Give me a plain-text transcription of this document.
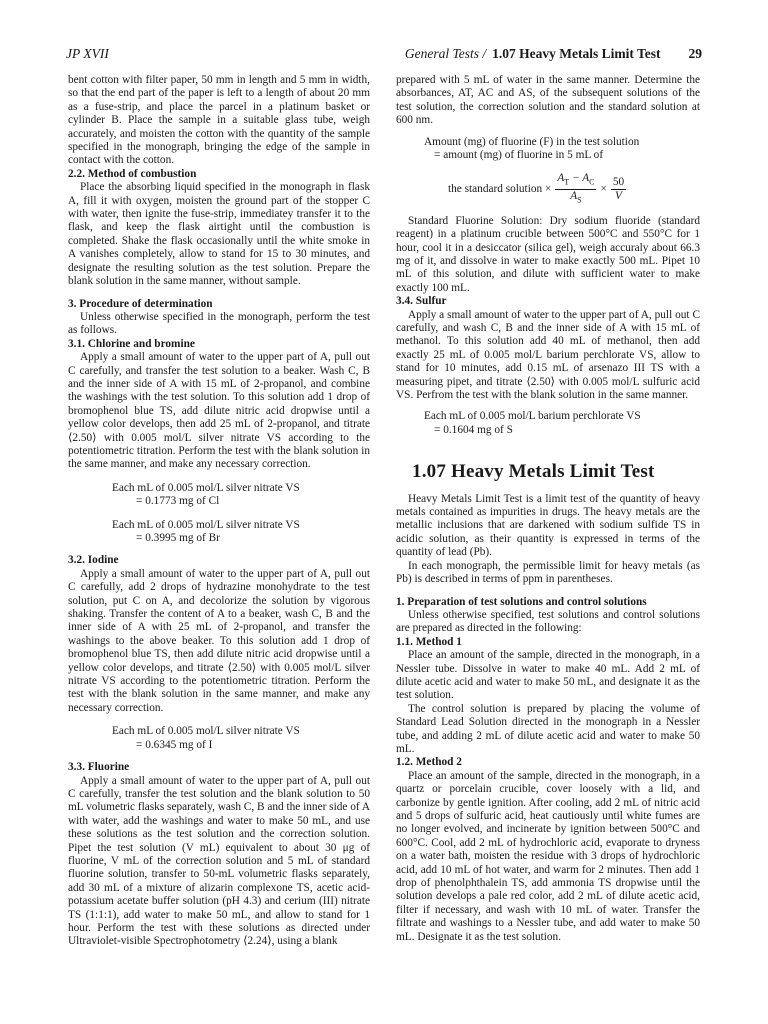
JP XVII	General Tests / 1.07 Heavy Metals Limit Test 29

bent cotton with filter paper, 50 mm in length and 5 mm in width, so that the end part of the paper is left to a length of about 20 mm as a fuse-strip, and place the parcel in a platinum basket or cylinder B. Place the sample in a suitable glass tube, weigh accurately, and moisten the cotton with the quantity of the sample specified in the monograph, bringing the edge of the sample in contact with the cotton.

2.2. Method of combustion

Place the absorbing liquid specified in the monograph in flask A, fill it with oxygen, moisten the ground part of the stopper C with water, then ignite the fuse-strip, immediatey transfer it to the flask, and keep the flask airtight until the combustion is completed. Shake the flask occasionally until the white smoke in A vanishes completely, allow to stand for 15 to 30 minutes, and designate the resulting solution as the test solution. Prepare the blank solution in the same manner, without sample.

3. Procedure of determination

Unless otherwise specified in the monograph, perform the test as follows.

3.1. Chlorine and bromine

Apply a small amount of water to the upper part of A, pull out C carefully, and transfer the test solution to a beaker. Wash C, B and the inner side of A with 15 mL of 2-propanol, and combine the washings with the test solution. To this solution add 1 drop of bromophenol blue TS, add dilute nitric acid dropwise until a yellow color develops, then add 25 mL of 2-propanol, and titrate ⟨2.50⟩ with 0.005 mol/L silver nitrate VS according to the potentiometric titration. Perform the test with the blank solution in the same manner, and make any necessary correction.

Each mL of 0.005 mol/L silver nitrate VS
= 0.1773 mg of Cl
Each mL of 0.005 mol/L silver nitrate VS
= 0.3995 mg of Br

3.2. Iodine

Apply a small amount of water to the upper part of A, pull out C carefully, add 2 drops of hydrazine monohydrate to the test solution, put C on A, and decolorize the solution by vigorous shaking. Transfer the content of A to a beaker, wash C, B and the inner side of A with 25 mL of 2-propanol, and transfer the washings to the above beaker. To this solution add 1 drop of bromophenol blue TS, then add dilute nitric acid dropwise until a yellow color develops, and titrate ⟨2.50⟩ with 0.005 mol/L silver nitrate VS according to the potentiometric titration. Perform the test with the blank solution in the same manner, and make any necessary correction.

Each mL of 0.005 mol/L silver nitrate VS
= 0.6345 mg of I

3.3. Fluorine

Apply a small amount of water to the upper part of A, pull out C carefully, transfer the test solution and the blank solution to 50 mL volumetric flasks separately, wash C, B and the inner side of A with water, add the washings and water to make 50 mL, and use these solutions as the test solution and the correction solution. Pipet the test solution (V mL) equivalent to about 30 μg of fluorine, V mL of the correction solution and 5 mL of standard fluorine solution, transfer to 50-mL volumetric flasks separately, add 30 mL of a mixture of alizarin complexone TS, acetic acid-potassium acetate buffer solution (pH 4.3) and cerium (III) nitrate TS (1:1:1), add water to make 50 mL, and allow to stand for 1 hour. Perform the test with these solutions as directed under Ultraviolet-visible Spectrophotometry ⟨2.24⟩, using a blank

prepared with 5 mL of water in the same manner. Determine the absorbances, AT, AC and AS, of the subsequent solutions of the test solution, the correction solution and the standard solution at 600 nm.

Amount (mg) of fluorine (F) in the test solution
= amount (mg) of fluorine in 5 mL of
the standard solution × $\frac{A_T - A_C}{A_S} \times \frac{50}{V}$

Standard Fluorine Solution: Dry sodium fluoride (standard reagent) in a platinum crucible between 500°C and 550°C for 1 hour, cool it in a desiccator (silica gel), weigh accuraly about 66.3 mg of it, and dissolve in water to make exactly 500 mL. Pipet 10 mL of this solution, and dilute with sufficient water to make exactly 100 mL.

3.4. Sulfur

Apply a small amount of water to the upper part of A, pull out C carefully, and wash C, B and the inner side of A with 15 mL of methanol. To this solution add 40 mL of methanol, then add exactly 25 mL of 0.005 mol/L barium perchlorate VS, allow to stand for 10 minutes, add 0.15 mL of arsenazo III TS with a measuring pipet, and titrate ⟨2.50⟩ with 0.005 mol/L sulfuric acid VS. Perfrom the test with the blank solution in the same manner.

Each mL of 0.005 mol/L barium perchlorate VS
= 0.1604 mg of S
1.07 Heavy Metals Limit Test

Heavy Metals Limit Test is a limit test of the quantity of heavy metals contained as impurities in drugs. The heavy metals are the metallic inclusions that are darkened with sodium sulfide TS in acidic solution, as their quantity is expressed in terms of the quantity of lead (Pb).

In each monograph, the permissible limit for heavy metals (as Pb) is described in terms of ppm in parentheses.

1. Preparation of test solutions and control solutions

Unless otherwise specified, test solutions and control solutions are prepared as directed in the following:

1.1. Method 1

Place an amount of the sample, directed in the monograph, in a Nessler tube. Dissolve in water to make 40 mL. Add 2 mL of dilute acetic acid and water to make 50 mL, and designate it as the test solution.

The control solution is prepared by placing the volume of Standard Lead Solution directed in the monograph in a Nessler tube, and adding 2 mL of dilute acetic acid and water to make 50 mL.

1.2. Method 2

Place an amount of the sample, directed in the monograph, in a quartz or porcelain crucible, cover loosely with a lid, and carbonize by gentle ignition. After cooling, add 2 mL of nitric acid and 5 drops of sulfuric acid, heat cautiously until white fumes are no longer evolved, and incinerate by ignition between 500°C and 600°C. Cool, add 2 mL of hydrochloric acid, evaporate to dryness on a water bath, moisten the residue with 3 drops of hydrochloric acid, add 10 mL of hot water, and warm for 2 minutes. Then add 1 drop of phenolphthalein TS, add ammonia TS dropwise until the solution develops a pale red color, add 2 mL of dilute acetic acid, filter if necessary, and wash with 10 mL of water. Transfer the filtrate and washings to a Nessler tube, and add water to make 50 mL. Designate it as the test solution.
